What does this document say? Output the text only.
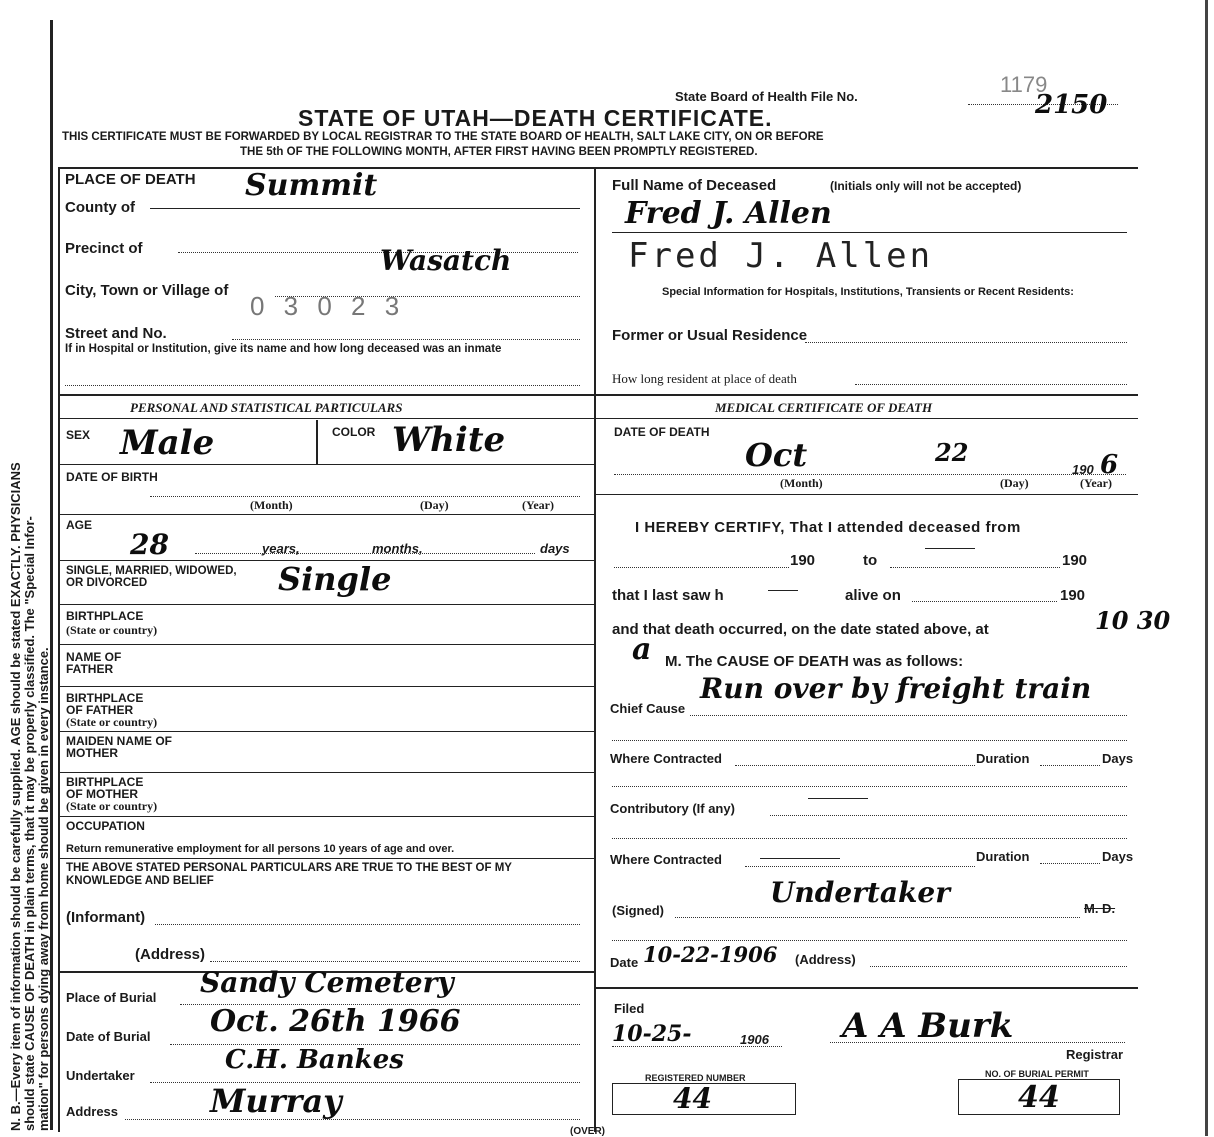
N. B.—Every item of information should be carefully supplied. AGE should be stated EXACTLY. PHYSICIANS should state CAUSE OF DEATH in plain terms, that it may be properly classified. The "Special Infor- mation" for persons dying away from home should be given in every instance.
State Board of Health File No.	1179
2150
STATE OF UTAH—DEATH CERTIFICATE.
THIS CERTIFICATE MUST BE FORWARDED BY LOCAL REGISTRAR TO THE STATE BOARD OF HEALTH, SALT LAKE CITY, ON OR BEFORE
THE 5th OF THE FOLLOWING MONTH, AFTER FIRST HAVING BEEN PROMPTLY REGISTERED.
PLACE OF DEATH
County of
Summit
Precinct of
City, Town or Village of
Wasatch
0 3 0 2 3
Street and No.
If in Hospital or Institution, give its name and how long deceased was an inmate
Full Name of Deceased	(Initials only will not be accepted)
Fred J. Allen
Fred J. Allen
Special Information for Hospitals, Institutions, Transients or Recent Residents:
Former or Usual Residence
How long resident at place of death
PERSONAL AND STATISTICAL PARTICULARS
SEX Male	COLOR White
DATE OF BIRTH
(Month)	(Day)	(Year)
AGE
28	years,	months,	days
SINGLE, MARRIED, WIDOWED, OR DIVORCED	Single
BIRTHPLACE
(State or country)
NAME OF FATHER
BIRTHPLACE OF FATHER
(State or country)
MAIDEN NAME OF MOTHER
BIRTHPLACE OF MOTHER
(State or country)
OCCUPATION
Return remunerative employment for all persons 10 years of age and over.
THE ABOVE STATED PERSONAL PARTICULARS ARE TRUE TO THE BEST OF MY KNOWLEDGE AND BELIEF
(Informant)
(Address)
Place of Burial Sandy Cemetery
Date of Burial Oct. 26th 1966
Undertaker
C.H. Bankes
Address	Murray
MEDICAL CERTIFICATE OF DEATH
DATE OF DEATH
Oct	22
190 6
(Month)	(Day)	(Year)
I HEREBY CERTIFY, That I attended deceased from
190	to	190
that I last saw h	alive on	190
and that death occurred, on the date stated above, at	10 30
a M. The CAUSE OF DEATH was as follows:
Chief Cause
Run over by freight train
Where Contracted	Duration	Days
Contributory (If any)
Where Contracted	Duration	Days
(Signed)
Undertaker	M. D.
Date 10-22-1906 (Address)
Filed
10-25-	1906 A A Burk
Registrar
REGISTERED NUMBER
44
NO. OF BURIAL PERMIT
44
(OVER)
